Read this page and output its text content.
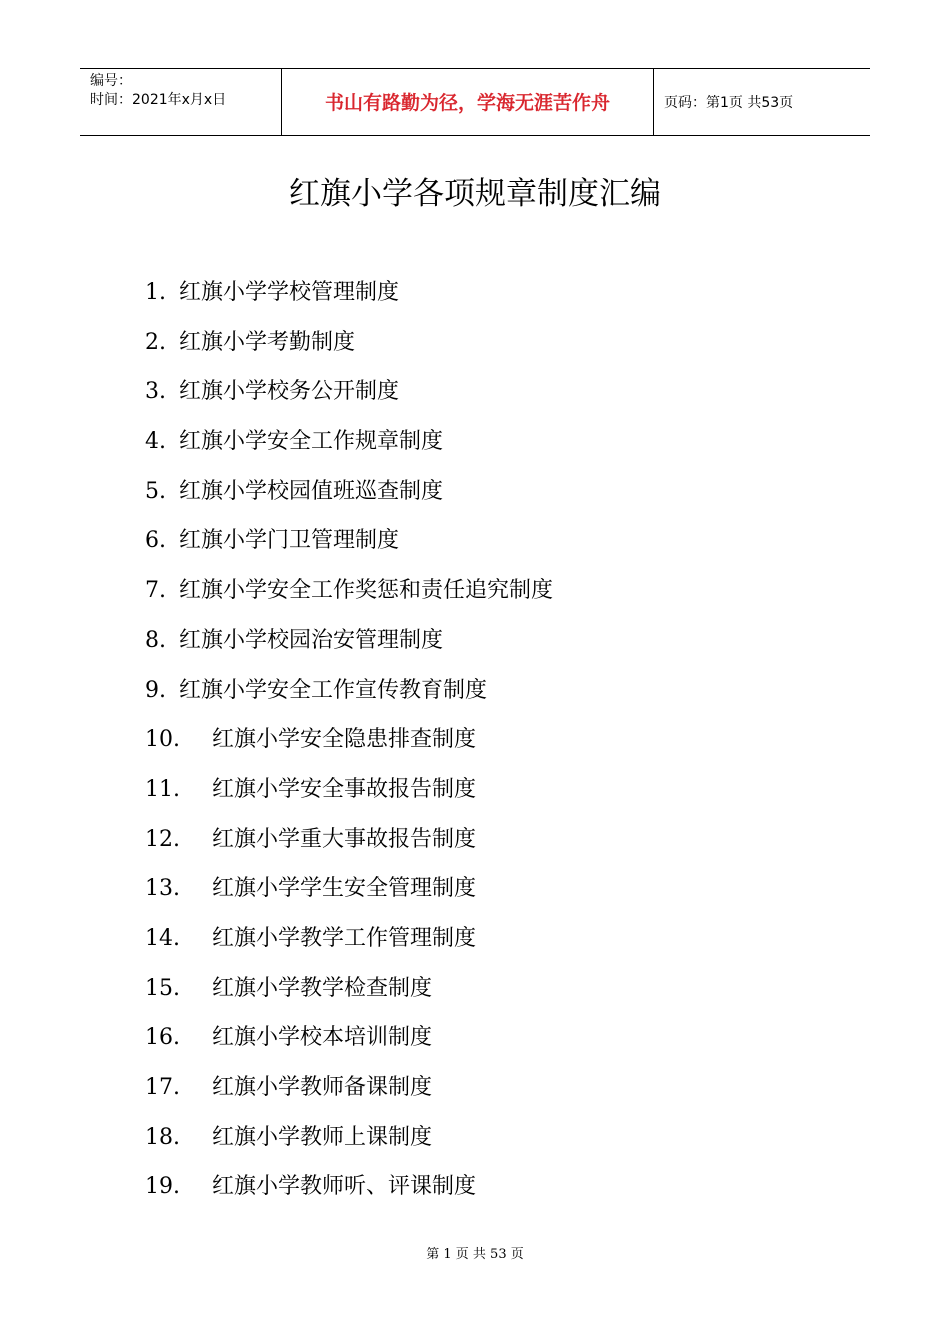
编号：
时间：2021年x月x日	书山有路勤为径，学海无涯苦作舟	页码：第1页 共53页
红旗小学各项规章制度汇编
1. 红旗小学学校管理制度
2. 红旗小学考勤制度
3. 红旗小学校务公开制度
4. 红旗小学安全工作规章制度
5. 红旗小学校园值班巡查制度
6. 红旗小学门卫管理制度
7. 红旗小学安全工作奖惩和责任追究制度
8. 红旗小学校园治安管理制度
9. 红旗小学安全工作宣传教育制度
10. 红旗小学安全隐患排查制度
11. 红旗小学安全事故报告制度
12. 红旗小学重大事故报告制度
13. 红旗小学学生安全管理制度
14. 红旗小学教学工作管理制度
15. 红旗小学教学检查制度
16. 红旗小学校本培训制度
17. 红旗小学教师备课制度
18. 红旗小学教师上课制度
19. 红旗小学教师听、评课制度
第 1 页 共 53 页
